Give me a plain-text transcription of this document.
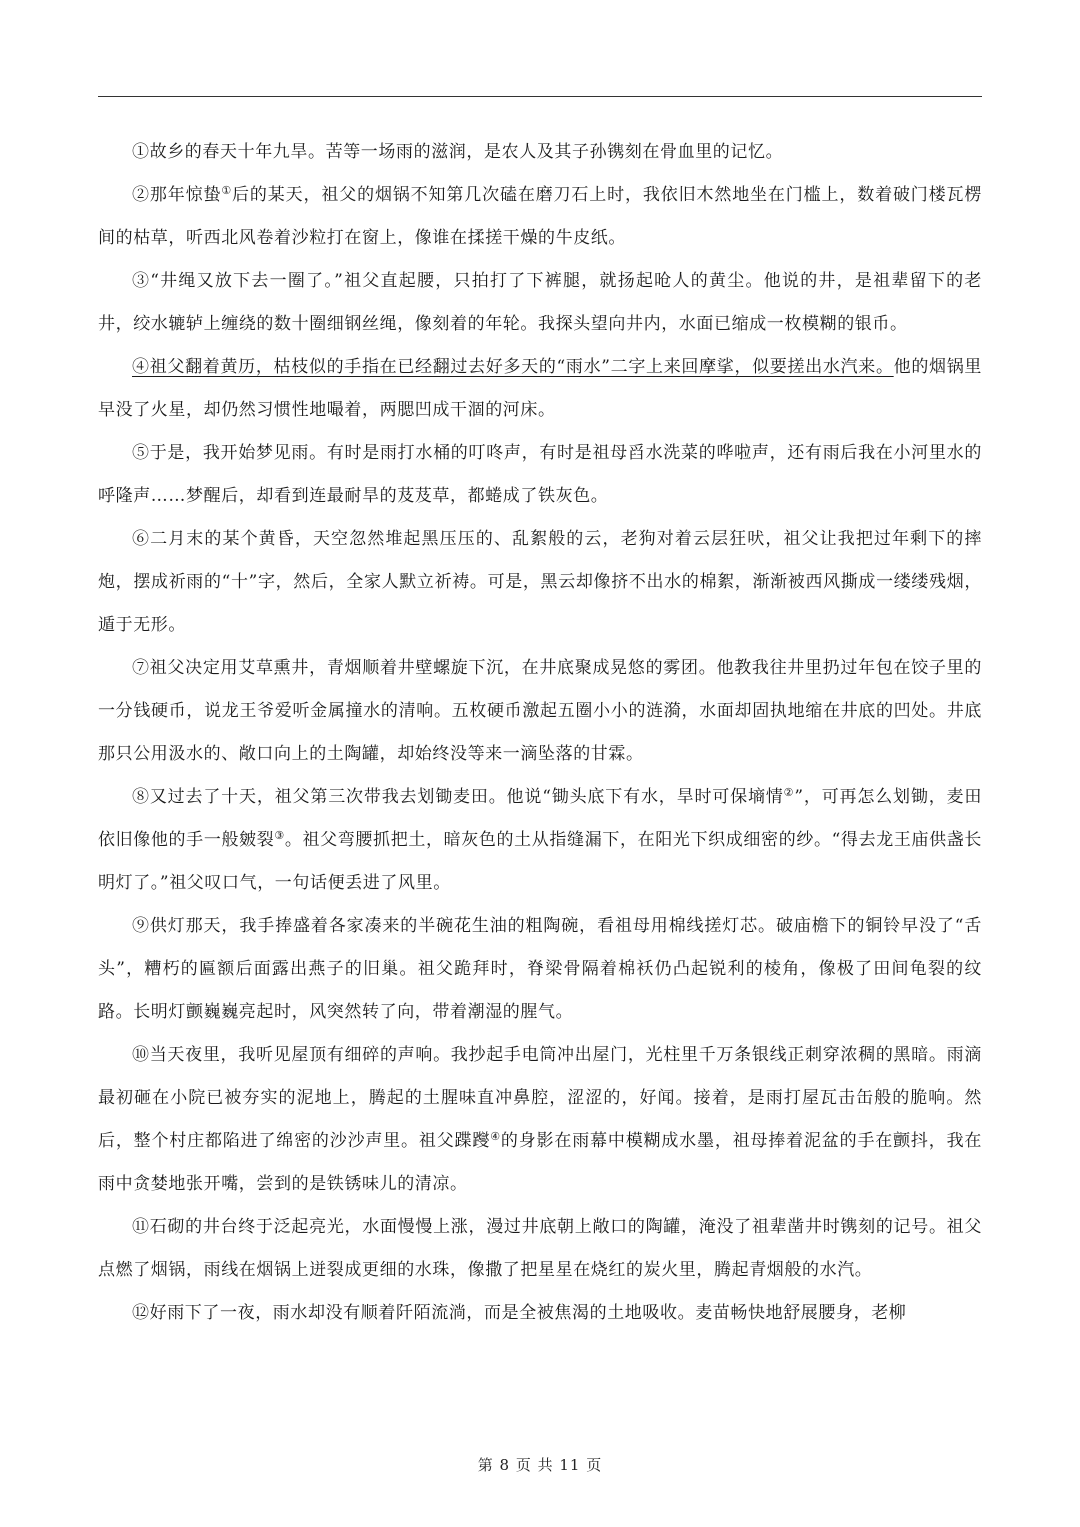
①故乡的春天十年九旱。苦等一场雨的滋润，是农人及其子孙镌刻在骨血里的记忆。

②那年惊蛰①后的某天，祖父的烟锅不知第几次磕在磨刀石上时，我依旧木然地坐在门槛上，数着破门楼瓦楞间的枯草，听西北风卷着沙粒打在窗上，像谁在揉搓干燥的牛皮纸。

③“井绳又放下去一圈了。”祖父直起腰，只拍打了下裤腿，就扬起呛人的黄尘。他说的井，是祖辈留下的老井，绞水辘轳上缠绕的数十圈细钢丝绳，像刻着的年轮。我探头望向井内，水面已缩成一枚模糊的银币。

④祖父翻着黄历，枯枝似的手指在已经翻过去好多天的“雨水”二字上来回摩挲，似要搓出水汽来。他的烟锅里早没了火星，却仍然习惯性地嘬着，两腮凹成干涸的河床。

⑤于是，我开始梦见雨。有时是雨打水桶的叮咚声，有时是祖母舀水洗菜的哗啦声，还有雨后我在小河里水的呼隆声……梦醒后，却看到连最耐旱的芨芨草，都蜷成了铁灰色。

⑥二月末的某个黄昏，天空忽然堆起黑压压的、乱絮般的云，老狗对着云层狂吠，祖父让我把过年剩下的摔炮，摆成祈雨的“十”字，然后，全家人默立祈祷。可是，黑云却像挤不出水的棉絮，渐渐被西风撕成一缕缕残烟，遁于无形。

⑦祖父决定用艾草熏井，青烟顺着井壁螺旋下沉，在井底聚成晃悠的雾团。他教我往井里扔过年包在饺子里的一分钱硬币，说龙王爷爱听金属撞水的清响。五枚硬币激起五圈小小的涟漪，水面却固执地缩在井底的凹处。井底那只公用汲水的、敞口向上的土陶罐，却始终没等来一滴坠落的甘霖。

⑧又过去了十天，祖父第三次带我去划锄麦田。他说“锄头底下有水，旱时可保墒情②”，可再怎么划锄，麦田依旧像他的手一般皴裂③。祖父弯腰抓把土，暗灰色的土从指缝漏下，在阳光下织成细密的纱。“得去龙王庙供盏长明灯了。”祖父叹口气，一句话便丢进了风里。

⑨供灯那天，我手捧盛着各家凑来的半碗花生油的粗陶碗，看祖母用棉线搓灯芯。破庙檐下的铜铃早没了“舌头”，糟朽的匾额后面露出燕子的旧巢。祖父跪拜时，脊梁骨隔着棉袄仍凸起锐利的棱角，像极了田间龟裂的纹路。长明灯颤巍巍亮起时，风突然转了向，带着潮湿的腥气。

⑩当天夜里，我听见屋顶有细碎的声响。我抄起手电筒冲出屋门，光柱里千万条银线正刺穿浓稠的黑暗。雨滴最初砸在小院已被夯实的泥地上，腾起的土腥味直冲鼻腔，涩涩的，好闻。接着，是雨打屋瓦击缶般的脆响。然后，整个村庄都陷进了绵密的沙沙声里。祖父蹀躞④的身影在雨幕中模糊成水墨，祖母捧着泥盆的手在颤抖，我在雨中贪婪地张开嘴，尝到的是铁锈味儿的清凉。

⑪石砌的井台终于泛起亮光，水面慢慢上涨，漫过井底朝上敞口的陶罐，淹没了祖辈凿井时镌刻的记号。祖父点燃了烟锅，雨线在烟锅上迸裂成更细的水珠，像撒了把星星在烧红的炭火里，腾起青烟般的水汽。

⑫好雨下了一夜，雨水却没有顺着阡陌流淌，而是全被焦渴的土地吸收。麦苗畅快地舒展腰身，老柳

第 8 页 共 11 页
